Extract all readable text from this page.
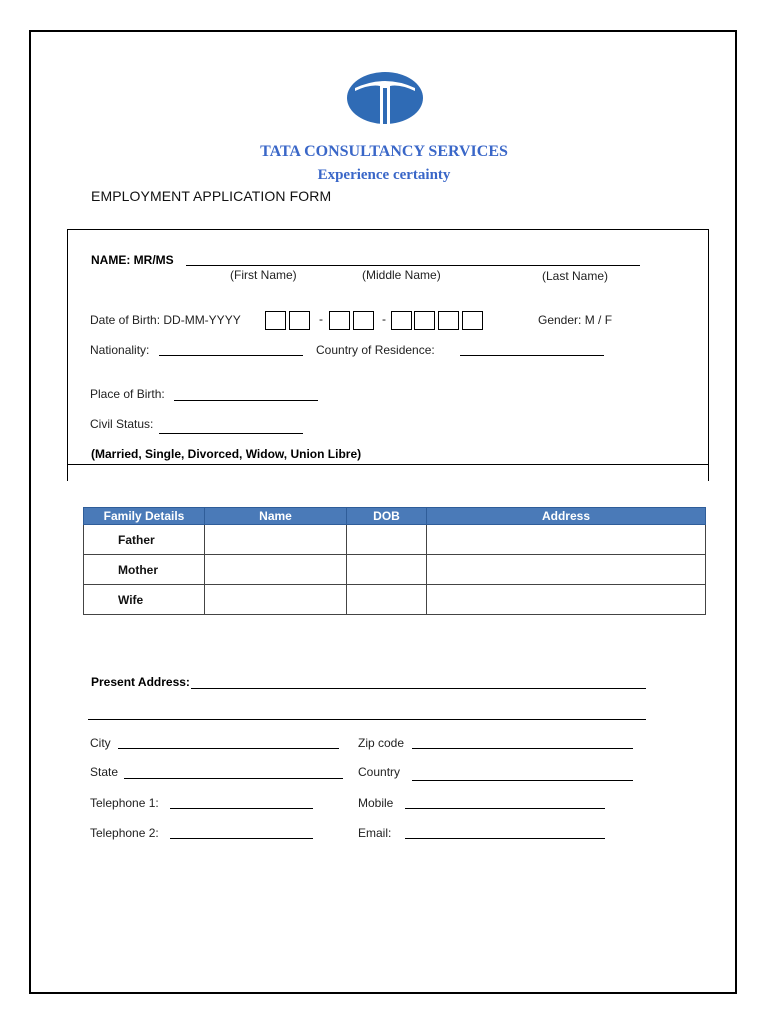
TATA CONSULTANCY SERVICES
Experience certainty
EMPLOYMENT APPLICATION FORM
NAME: MR/MS
(First Name)	(Middle Name)	(Last Name)
Date of Birth: DD-MM-YYYY	-	-	Gender: M / F
Nationality:	Country of Residence:
Place of Birth:
Civil Status:
(Married, Single, Divorced, Widow, Union Libre)
Family Details	Name	DOB	Address
Father			
Mother			
Wife			
Present Address:
City	Zip code
State	Country
Telephone 1:	Mobile
Telephone 2:	Email:
